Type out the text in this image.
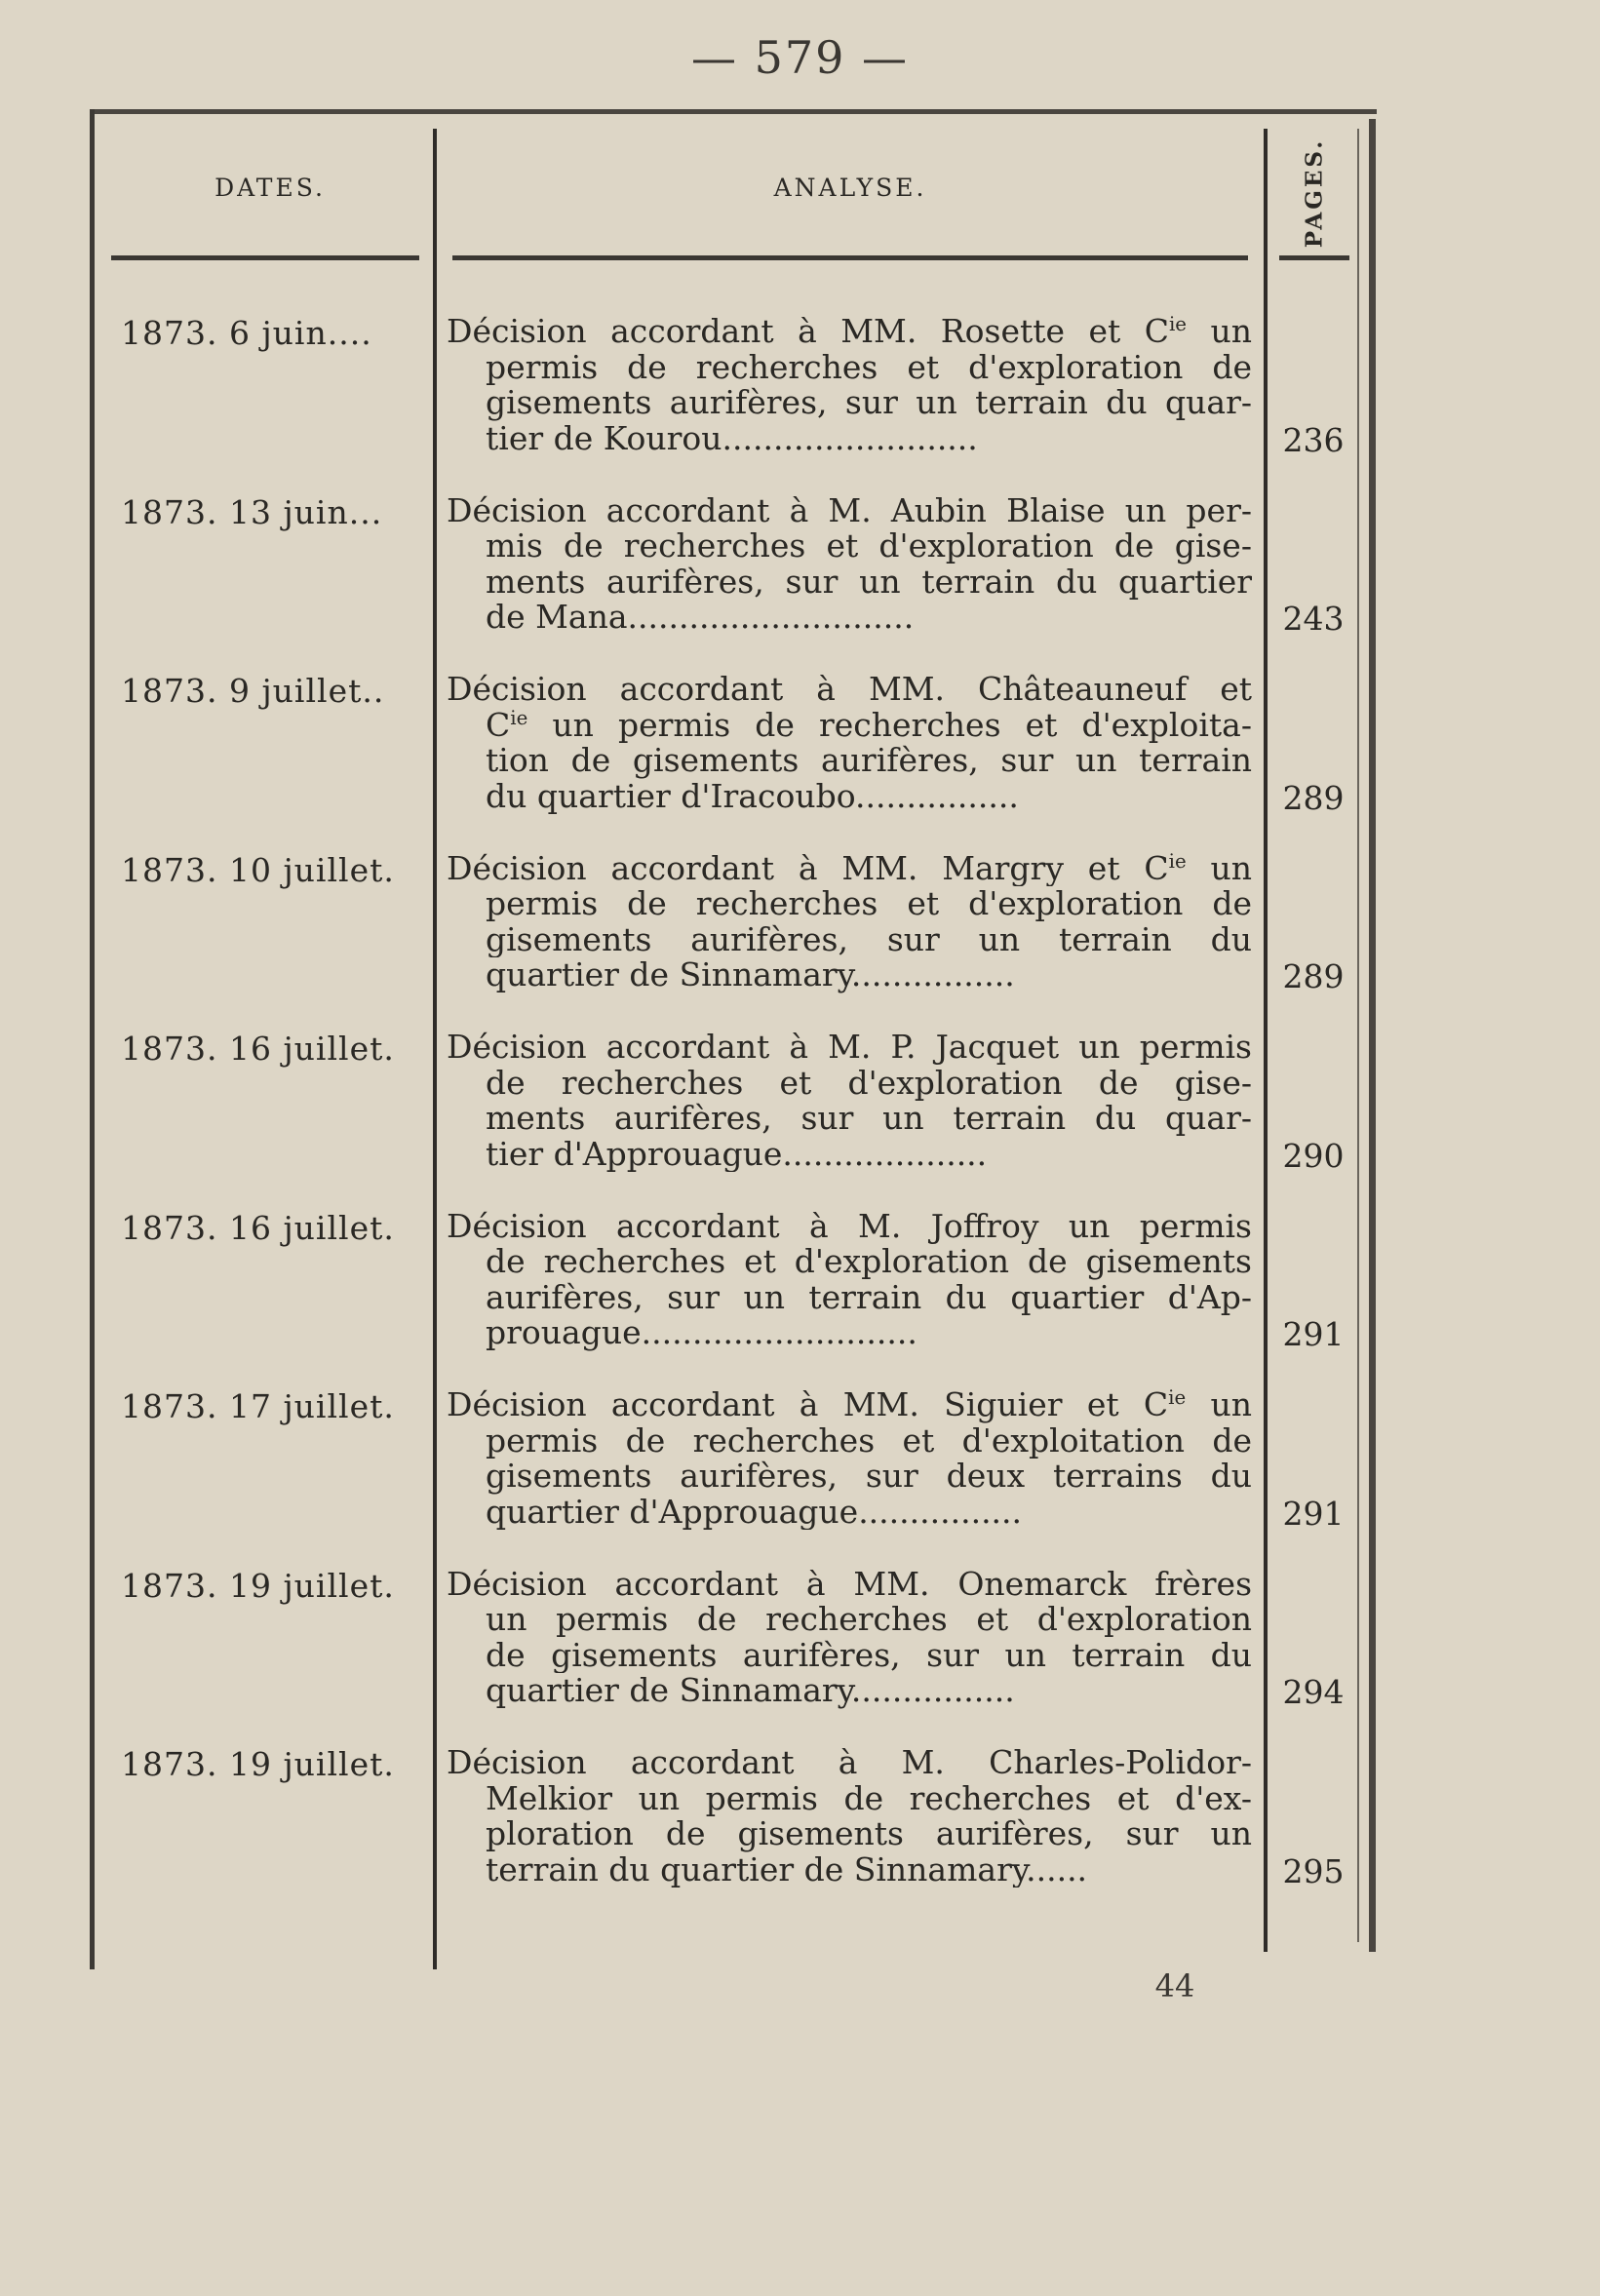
— 579 —
DATES.	ANALYSE.	PAGES.
1873. 6 juin....	Décision accordant à MM. Rosette et $C^{ie}$ un
permis de recherches et d'exploration de
gisements aurifères, sur un terrain du quar-
tier de Kourou.........................	236
1873. 13 juin...	Décision accordant à M. Aubin Blaise un per-
mis de recherches et d'exploration de gise-
ments aurifères, sur un terrain du quartier
de Mana............................	243
1873. 9 juillet..	Décision accordant à MM. Châteauneuf et
$C^{ie}$ un permis de recherches et d'exploita-
tion de gisements aurifères, sur un terrain
du quartier d'Iracoubo................	289
1873. 10 juillet.	Décision accordant à MM. Margry et $C^{ie}$ un
permis de recherches et d'exploration de
gisements aurifères, sur un terrain du
quartier de Sinnamary................	289
1873. 16 juillet.	Décision accordant à M. P. Jacquet un permis
de recherches et d'exploration de gise-
ments aurifères, sur un terrain du quar-
tier d'Approuague....................	290
1873. 16 juillet.	Décision accordant à M. Joffroy un permis
de recherches et d'exploration de gisements
aurifères, sur un terrain du quartier d'Ap-
prouague...........................	291
1873. 17 juillet.	Décision accordant à MM. Siguier et $C^{ie}$ un
permis de recherches et d'exploitation de
gisements aurifères, sur deux terrains du
quartier d'Approuague................	291
1873. 19 juillet.	Décision accordant à MM. Onemarck frères
un permis de recherches et d'exploration
de gisements aurifères, sur un terrain du
quartier de Sinnamary................	294
1873. 19 juillet.	Décision accordant à M. Charles-Polidor-
Melkior un permis de recherches et d'ex-
ploration de gisements aurifères, sur un
terrain du quartier de Sinnamary......	295
44
